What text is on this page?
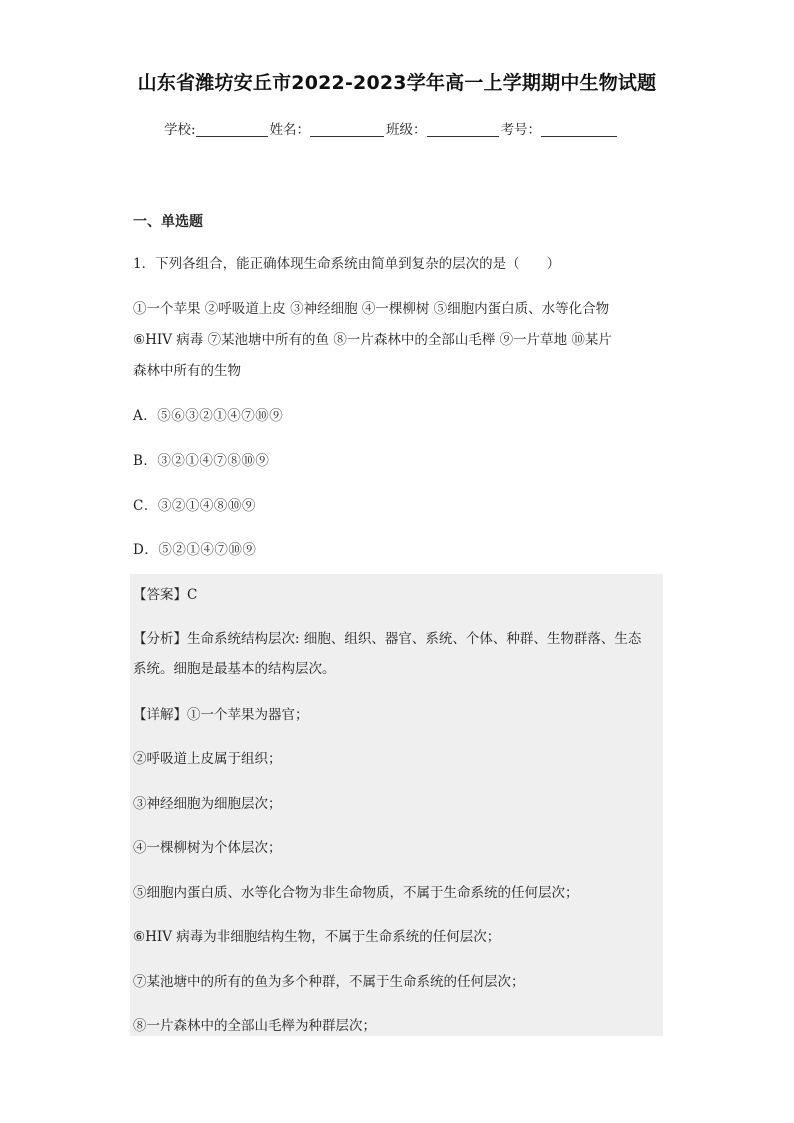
山东省潍坊安丘市2022-2023学年高一上学期期中生物试题
学校:	姓名：	班级：	考号：
一、单选题
1．下列各组合，能正确体现生命系统由简单到复杂的层次的是（　　）
①一个苹果 ②呼吸道上皮 ③神经细胞 ④一棵柳树 ⑤细胞内蛋白质、水等化合物
⑥HIV 病毒 ⑦某池塘中所有的鱼 ⑧一片森林中的全部山毛榉 ⑨一片草地 ⑩某片
森林中所有的生物
A．⑤⑥③②①④⑦⑩⑨
B．③②①④⑦⑧⑩⑨
C．③②①④⑧⑩⑨
D．⑤②①④⑦⑩⑨
【答案】C
【分析】生命系统结构层次: 细胞、组织、器官、系统、个体、种群、生物群落、生态
系统。细胞是最基本的结构层次。
【详解】①一个苹果为器官；
②呼吸道上皮属于组织；
③神经细胞为细胞层次；
④一棵柳树为个体层次；
⑤细胞内蛋白质、水等化合物为非生命物质，不属于生命系统的任何层次；
⑥HIV 病毒为非细胞结构生物，不属于生命系统的任何层次；
⑦某池塘中的所有的鱼为多个种群，不属于生命系统的任何层次；
⑧一片森林中的全部山毛榉为种群层次；
